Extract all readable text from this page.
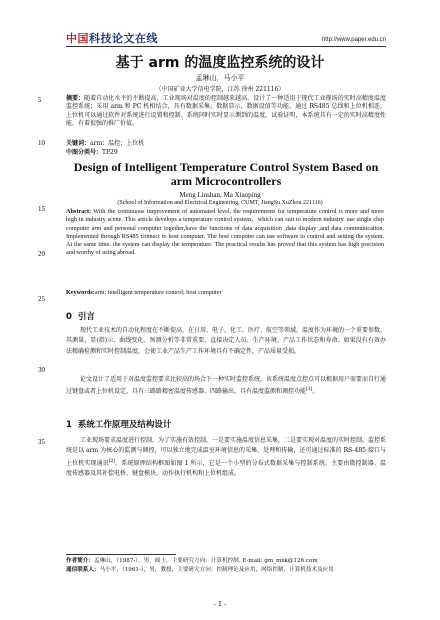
中国科技论文在线	http://www.paper.edu.cn
基于 arm 的温度监控系统的设计
孟琳山，马小平
（中国矿业大学信电学院，江苏 徐州 221116）

摘要：随着自动化水平的不断提高，工业现场对温度的控制越来越高，设计了一种适用于现代工业现场的实时高精度温度监控系统；采用 arm 和 PC 机相结合，具有数据采集、数据显示、数据设值等功能，通过 RS485 总线和上位机相连，上位机可以通过软件对系统进行设置和控制。系统同时实时显示测到的温度。试验证明，本系统具有一定的实时高精度性能，有着很强的推广价值。

关键词：arm；温控；上位机

中图分类号：TP29

Design of Intelligent Temperature Control System Based on arm Microcontrollers
Meng Linshan, Ma Xiaoping
(School of Information and Electrical Engineering, CUMT, JiangSu XuZhou 221116)
Abstract: With the continuous improvement of automated level, the requirements for temperature control is more and more high in industry scene. This article develops a temperature control system，which can suit to modern industry. use single chip computer arm and personal computer together,have the functions of data acquisition ,data display ,and data communication. Implemented through RS485 connect to host computer. The host computer can use software to control and setting the system. At the same time. the system can display the temperature. The practical results has proved that this system has high precision and worthy of using abroad.
Keywords:arm; intelligent temperature control; host computer
5
10
15
20
25
30
35
0 引言
现代工业技术的自动化程度在不断提高，在日用、电子、化工、医疗、航空等领域，温度作为环境的一个重要参数，其测量、显(指)示、曲线变化、预测分析等非常重要，直接决定人员、生产环境、产品工作状态和寿命。如果没有有效办法精确检测和实时控制温度，会使工业产品生产工作环境具有不确定性，产品质量受损。
论文设计了适用于对温度监控要求比较高的场合下一种实时监控系统，该系统温度点控点可以根据用户需要而自行通过键盘或者上位机设定，具有三路路精密温度传感器、四路输出，具有温度监测和调控功能[1]。
1 系统工作原理及结构设计
工业现场要求温度进行控制，为了实施有效控制，一是要实施温度信息采集，二是要实现对温度的实时控制。监控系统是以 arm 为核心的监测与调控，可以独立地完成温室环境信息的采集、处理和传输，还可通过标准的 RS-485 接口与上位机实现通讯[2]。系统原理结构框图如图 1 所示，它是一个小型的分布式数据采集与控制系统。主要由微控制器、温度传感器及其补偿电桥、键盘模块、动作执行机构和上位机组成。
作者简介：孟琳山，（1987-），男，硕士，主要研究方向：计算机控制. E-mail: gm_mxk@126.com
通信联系人：马小平，（1961-），男，教授，主要研究方向：控制理论及应用，网络控制、计算机技术及应用
- 1 -
